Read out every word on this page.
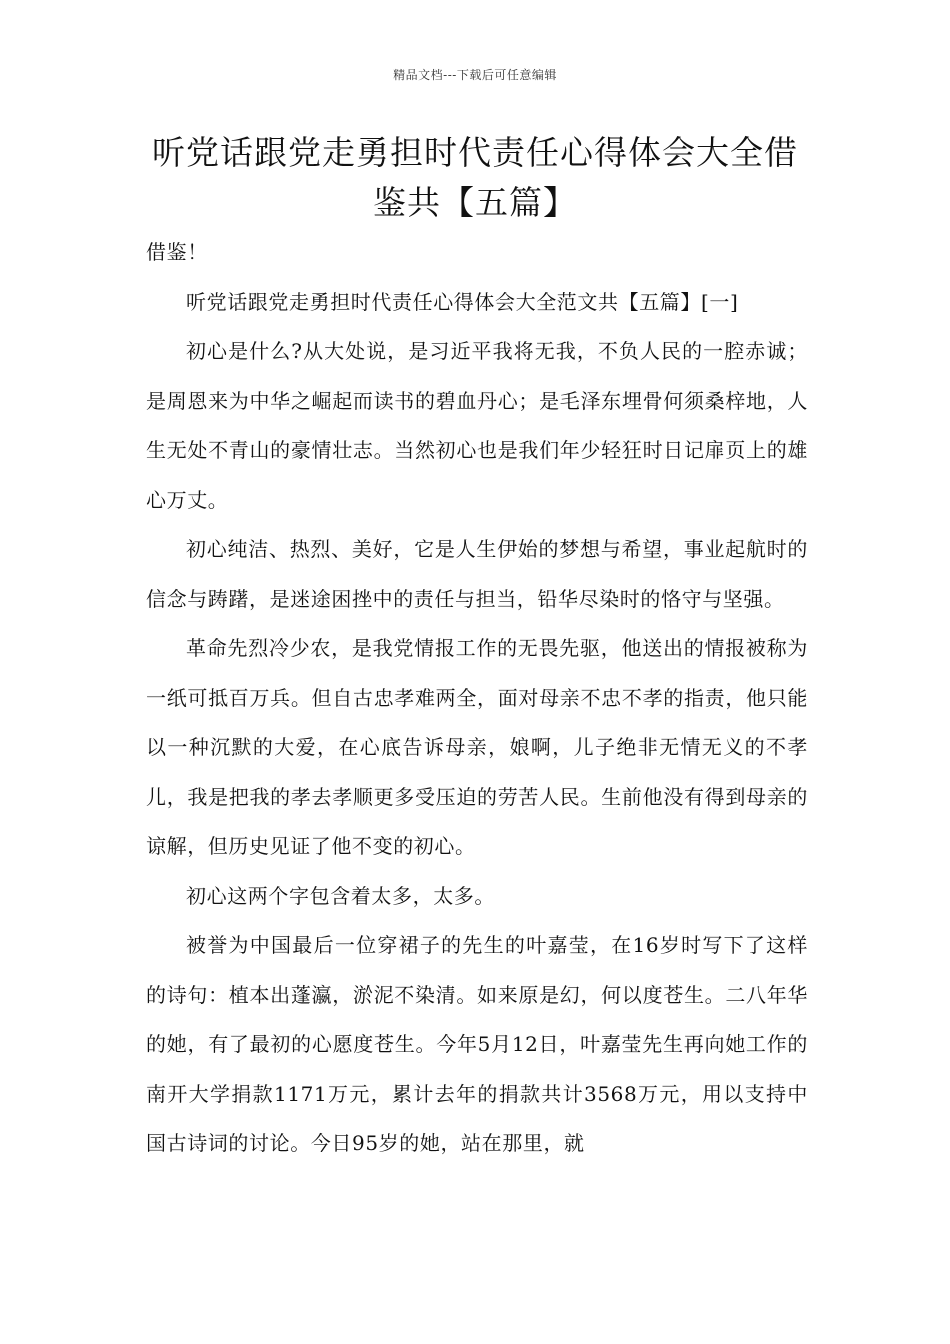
精品文档---下载后可任意编辑
听党话跟党走勇担时代责任心得体会大全借鉴共【五篇】

借鉴！

听党话跟党走勇担时代责任心得体会大全范文共【五篇】[一]

初心是什么?从大处说，是习近平我将无我，不负人民的一腔赤诚；是周恩来为中华之崛起而读书的碧血丹心；是毛泽东埋骨何须桑梓地，人生无处不青山的豪情壮志。当然初心也是我们年少轻狂时日记扉页上的雄心万丈。

初心纯洁、热烈、美好，它是人生伊始的梦想与希望，事业起航时的信念与踌躇，是迷途困挫中的责任与担当，铅华尽染时的恪守与坚强。

革命先烈冷少农，是我党情报工作的无畏先驱，他送出的情报被称为一纸可抵百万兵。但自古忠孝难两全，面对母亲不忠不孝的指责，他只能以一种沉默的大爱，在心底告诉母亲，娘啊，儿子绝非无情无义的不孝儿，我是把我的孝去孝顺更多受压迫的劳苦人民。生前他没有得到母亲的谅解，但历史见证了他不变的初心。

初心这两个字包含着太多，太多。

被誉为中国最后一位穿裙子的先生的叶嘉莹，在16岁时写下了这样的诗句：植本出蓬瀛，淤泥不染清。如来原是幻，何以度苍生。二八年华的她，有了最初的心愿度苍生。今年5月12日，叶嘉莹先生再向她工作的南开大学捐款1171万元，累计去年的捐款共计3568万元，用以支持中国古诗词的讨论。今日95岁的她，站在那里，就
